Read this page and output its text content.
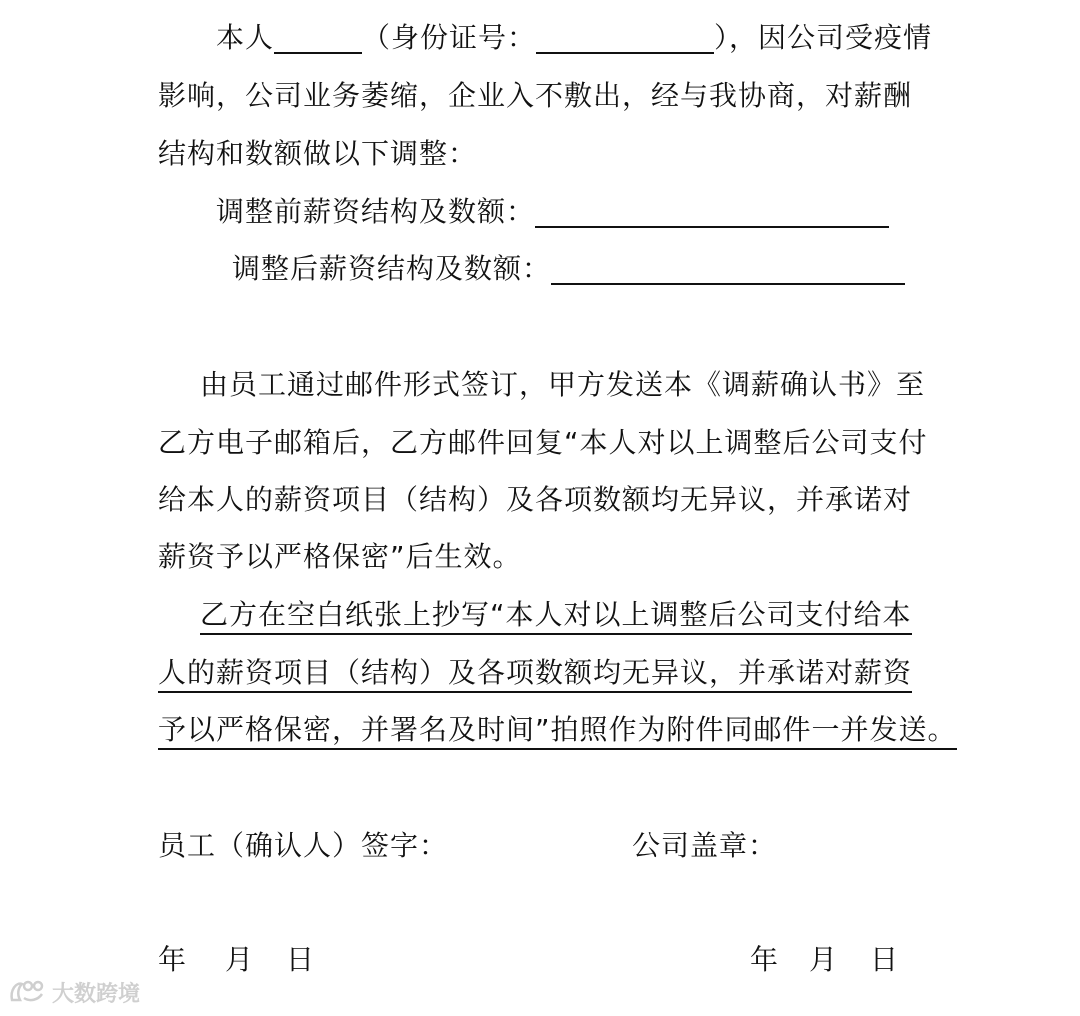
本人	（身份证号：	），因公司受疫情
影响，公司业务萎缩，企业入不敷出，经与我协商，对薪酬
结构和数额做以下调整：
调整前薪资结构及数额：
调整后薪资结构及数额：
由员工通过邮件形式签订，甲方发送本《调薪确认书》至
乙方电子邮箱后，乙方邮件回复“本人对以上调整后公司支付
给本人的薪资项目（结构）及各项数额均无异议，并承诺对
薪资予以严格保密”后生效。
乙方在空白纸张上抄写“本人对以上调整后公司支付给本
人的薪资项目（结构）及各项数额均无异议，并承诺对薪资
予以严格保密，并署名及时间”拍照作为附件同邮件一并发送。
员工（确认人）签字：	公司盖章：
年 月 日	年 月 日
大数跨境
